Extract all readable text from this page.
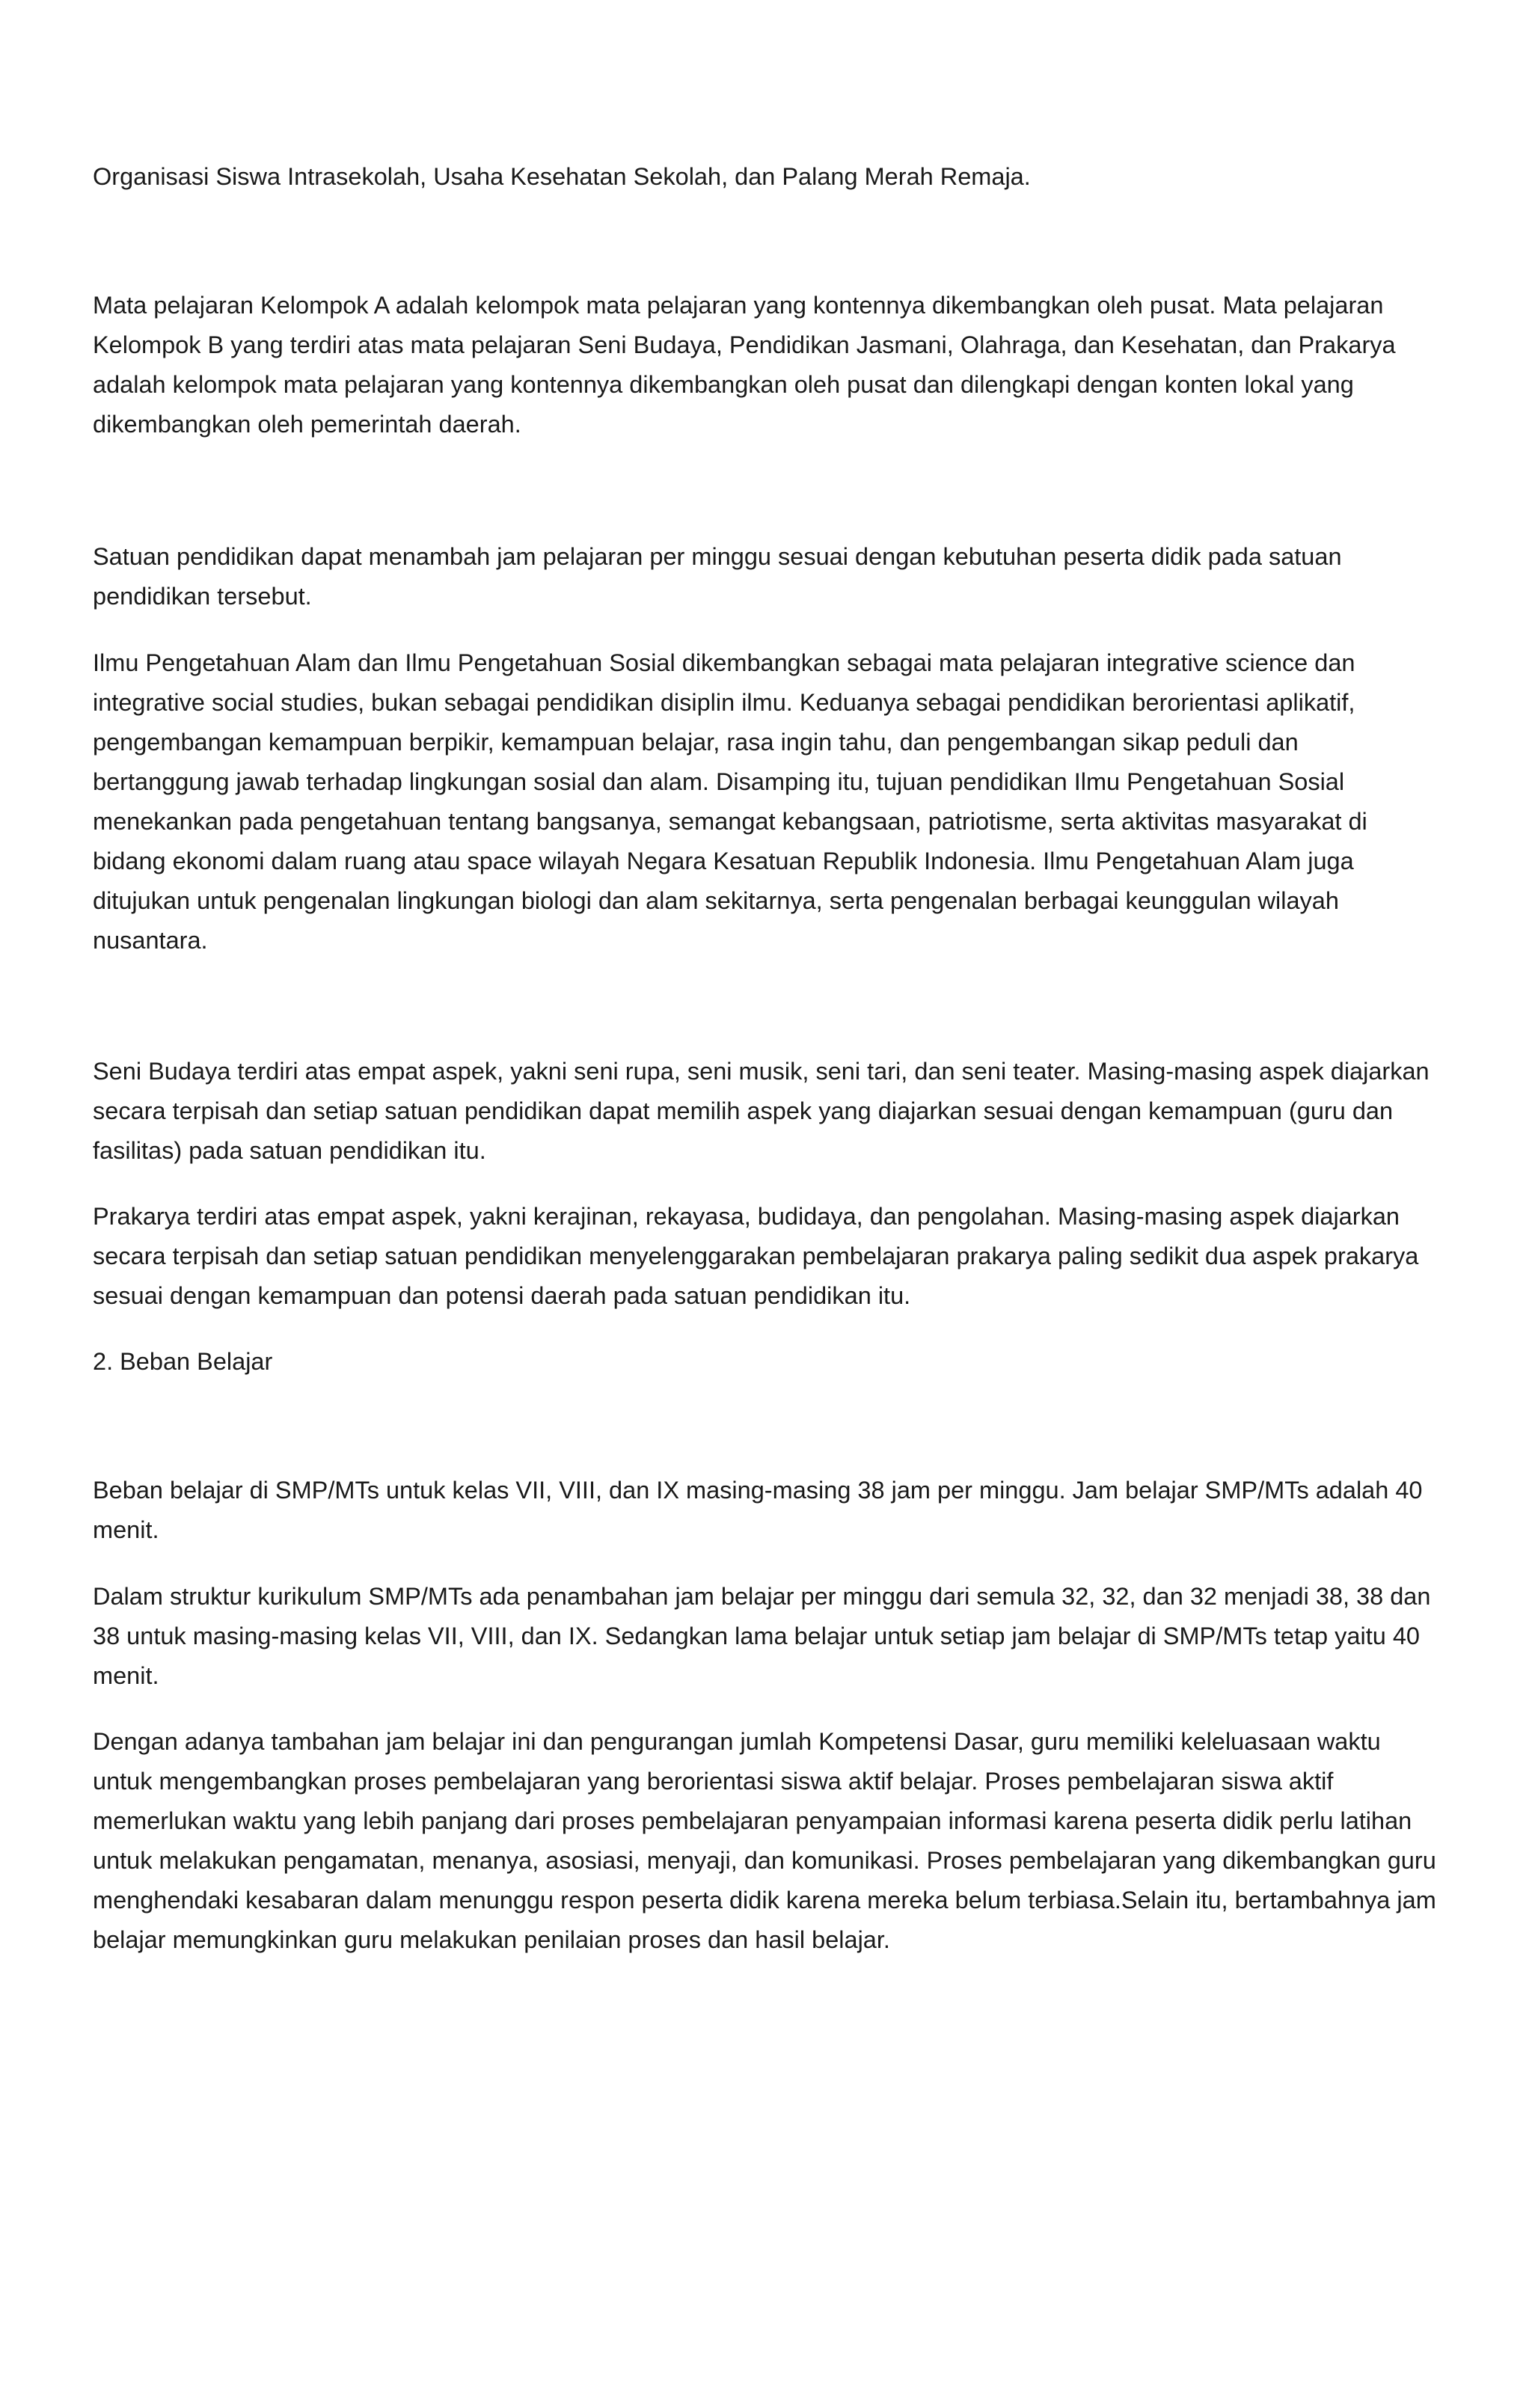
Organisasi Siswa Intrasekolah, Usaha Kesehatan Sekolah, dan Palang Merah Remaja.

Mata pelajaran Kelompok A adalah kelompok mata pelajaran yang kontennya dikembangkan oleh pusat. Mata pelajaran Kelompok B yang terdiri atas mata pelajaran Seni Budaya, Pendidikan Jasmani, Olahraga, dan Kesehatan, dan Prakarya adalah kelompok mata pelajaran yang kontennya dikembangkan oleh pusat dan dilengkapi dengan konten lokal yang dikembangkan oleh pemerintah daerah.

Satuan pendidikan dapat menambah jam pelajaran per minggu sesuai dengan kebutuhan peserta didik pada satuan pendidikan tersebut.

Ilmu Pengetahuan Alam dan Ilmu Pengetahuan Sosial dikembangkan sebagai mata pelajaran integrative science dan integrative social studies, bukan sebagai pendidikan disiplin ilmu. Keduanya sebagai pendidikan berorientasi aplikatif, pengembangan kemampuan berpikir, kemampuan belajar, rasa ingin tahu, dan pengembangan sikap peduli dan bertanggung jawab terhadap lingkungan sosial dan alam. Disamping itu, tujuan pendidikan Ilmu Pengetahuan Sosial menekankan pada pengetahuan tentang bangsanya, semangat kebangsaan, patriotisme, serta aktivitas masyarakat di bidang ekonomi dalam ruang atau space wilayah Negara Kesatuan Republik Indonesia. Ilmu Pengetahuan Alam juga ditujukan untuk pengenalan lingkungan biologi dan alam sekitarnya, serta pengenalan berbagai keunggulan wilayah nusantara.

Seni Budaya terdiri atas empat aspek, yakni seni rupa, seni musik, seni tari, dan seni teater. Masing-masing aspek diajarkan secara terpisah dan setiap satuan pendidikan dapat memilih aspek yang diajarkan sesuai dengan kemampuan (guru dan fasilitas) pada satuan pendidikan itu.

Prakarya terdiri atas empat aspek, yakni kerajinan, rekayasa, budidaya, dan pengolahan. Masing-masing aspek diajarkan secara terpisah dan setiap satuan pendidikan menyelenggarakan pembelajaran prakarya paling sedikit dua aspek prakarya sesuai dengan kemampuan dan potensi daerah pada satuan pendidikan itu.

2. Beban Belajar

Beban belajar di SMP/MTs untuk kelas VII, VIII, dan IX masing-masing 38 jam per minggu. Jam belajar SMP/MTs adalah 40 menit.

Dalam struktur kurikulum SMP/MTs ada penambahan jam belajar per minggu dari semula 32, 32, dan 32 menjadi 38, 38 dan 38 untuk masing-masing kelas VII, VIII, dan IX. Sedangkan lama belajar untuk setiap jam belajar di SMP/MTs tetap yaitu 40 menit.

Dengan adanya tambahan jam belajar ini dan pengurangan jumlah Kompetensi Dasar, guru memiliki keleluasaan waktu untuk mengembangkan proses pembelajaran yang berorientasi siswa aktif belajar. Proses pembelajaran siswa aktif memerlukan waktu yang lebih panjang dari proses pembelajaran penyampaian informasi karena peserta didik perlu latihan untuk melakukan pengamatan, menanya, asosiasi, menyaji, dan komunikasi. Proses pembelajaran yang dikembangkan guru menghendaki kesabaran dalam menunggu respon peserta didik karena mereka belum terbiasa.Selain itu, bertambahnya jam belajar memungkinkan guru melakukan penilaian proses dan hasil belajar.
